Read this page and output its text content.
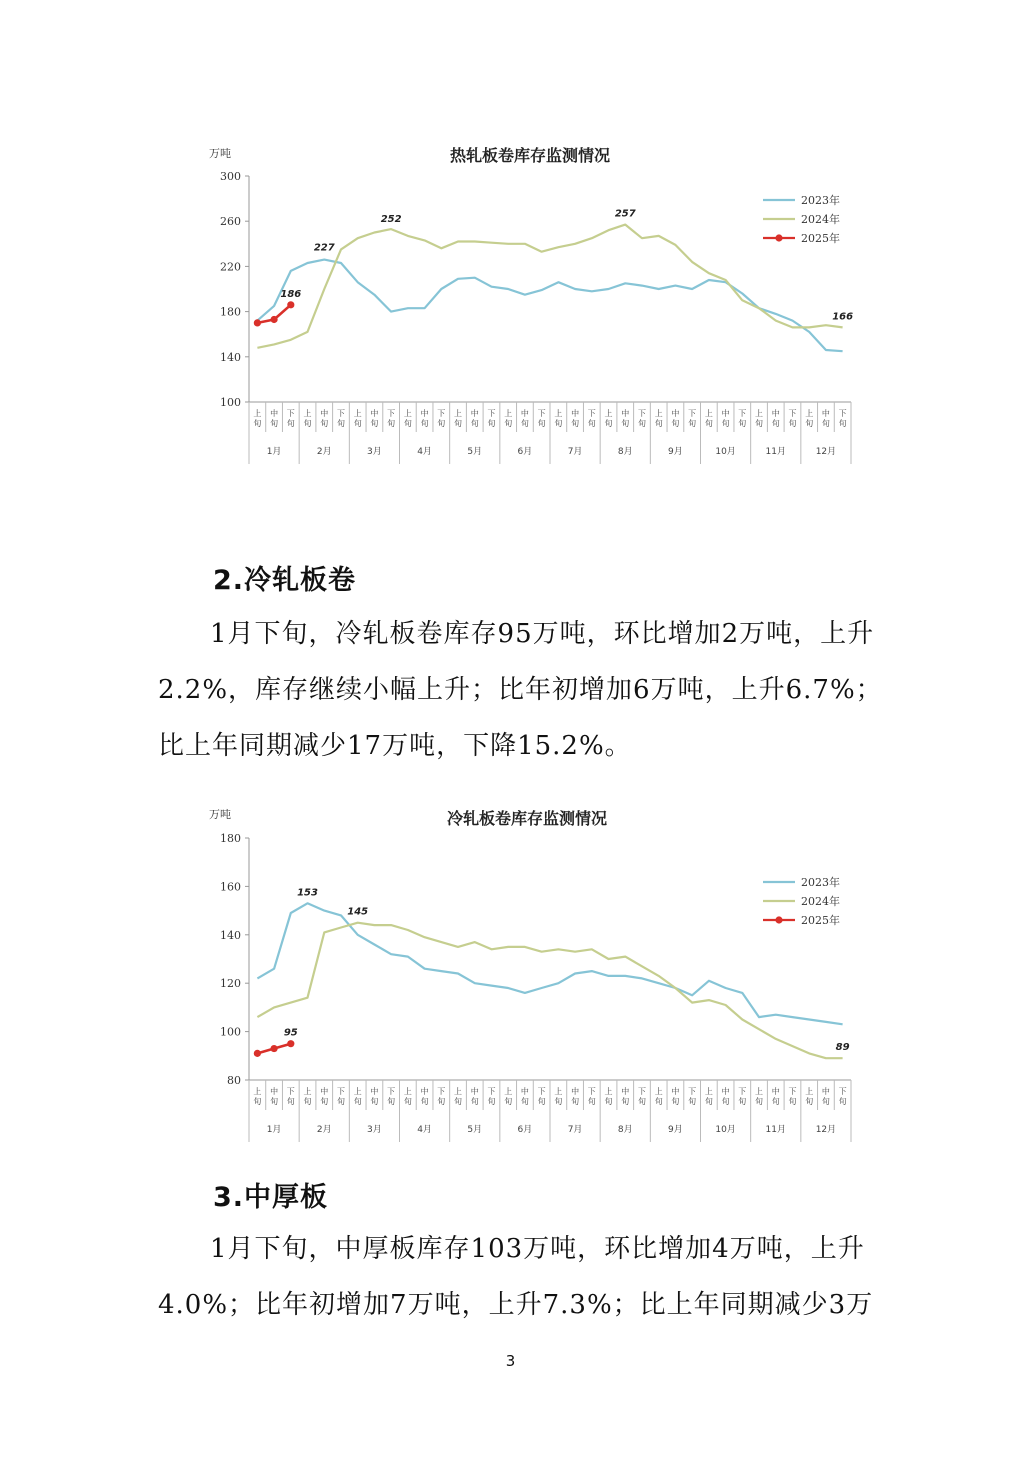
热轧板卷库存监测情况
万吨
100
140
180
220
260
300
上
旬
中
旬
下
旬
上
旬
中
旬
下
旬
上
旬
中
旬
下
旬
上
旬
中
旬
下
旬
上
旬
中
旬
下
旬
上
旬
中
旬
下
旬
上
旬
中
旬
下
旬
上
旬
中
旬
下
旬
上
旬
中
旬
下
旬
上
旬
中
旬
下
旬
上
旬
中
旬
下
旬
上
旬
中
旬
下
旬
1月	2月	3月	4月	5月	6月	7月	8月	9月	10月	11月	12月
227
252
257
186
166
2023年
2024年
2025年
2.冷轧板卷

1月下旬，冷轧板卷库存95万吨，环比增加2万吨，上升2.2%，库存继续小幅上升；比年初增加6万吨，上升6.7%；比上年同期减少17万吨，下降15.2%。

冷轧板卷库存监测情况
万吨
80
100
120
140
160
180
上
旬
中
旬
下
旬
上
旬
中
旬
下
旬
上
旬
中
旬
下
旬
上
旬
中
旬
下
旬
上
旬
中
旬
下
旬
上
旬
中
旬
下
旬
上
旬
中
旬
下
旬
上
旬
中
旬
下
旬
上
旬
中
旬
下
旬
上
旬
中
旬
下
旬
上
旬
中
旬
下
旬
上
旬
中
旬
下
旬
1月	2月	3月	4月	5月	6月	7月	8月	9月	10月	11月	12月
153
145
95
89
2023年
2024年
2025年
3.中厚板

1月下旬，中厚板库存103万吨，环比增加4万吨，上升4.0%；比年初增加7万吨，上升7.3%；比上年同期减少3万

3
